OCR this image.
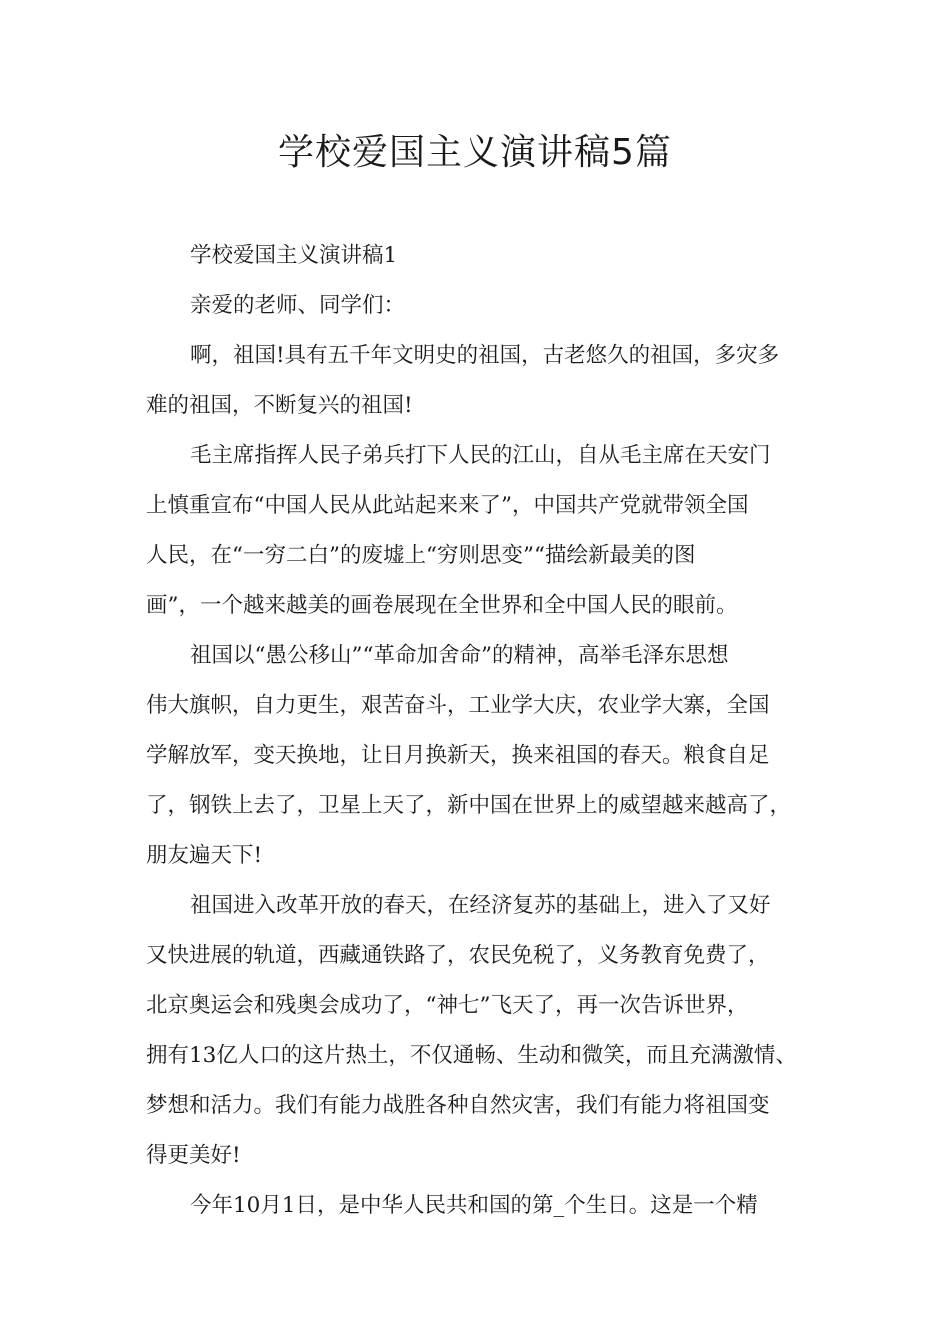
学校爱国主义演讲稿5篇
学校爱国主义演讲稿1
亲爱的老师、同学们：
啊，祖国!具有五千年文明史的祖国，古老悠久的祖国，多灾多
难的祖国，不断复兴的祖国!
毛主席指挥人民子弟兵打下人民的江山，自从毛主席在天安门
上慎重宣布“中国人民从此站起来来了”，中国共产党就带领全国
人民，在“一穷二白”的废墟上“穷则思变”“描绘新最美的图
画”，一个越来越美的画卷展现在全世界和全中国人民的眼前。
祖国以“愚公移山”“革命加舍命”的精神，高举毛泽东思想
伟大旗帜，自力更生，艰苦奋斗，工业学大庆，农业学大寨，全国
学解放军，变天换地，让日月换新天，换来祖国的春天。粮食自足
了，钢铁上去了，卫星上天了，新中国在世界上的威望越来越高了，
朋友遍天下!
祖国进入改革开放的春天，在经济复苏的基础上，进入了又好
又快进展的轨道，西藏通铁路了，农民免税了，义务教育免费了，
北京奥运会和残奥会成功了，“神七”飞天了，再一次告诉世界，
拥有13亿人口的这片热土，不仅通畅、生动和微笑，而且充满激情、
梦想和活力。我们有能力战胜各种自然灾害，我们有能力将祖国变
得更美好!
今年10月1日，是中华人民共和国的第_个生日。这是一个精
